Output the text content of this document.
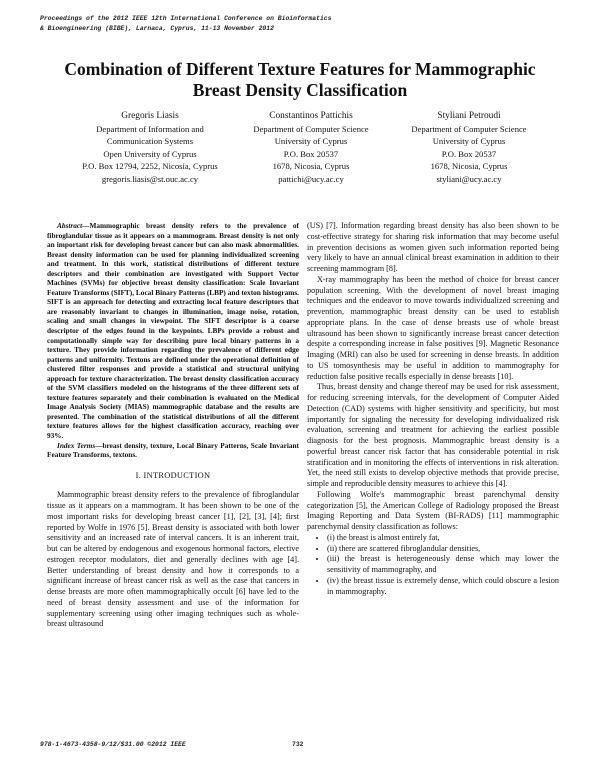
Proceedings of the 2012 IEEE 12th International Conference on Bioinformatics
& Bioengineering (BIBE), Larnaca, Cyprus, 11-13 November 2012
Combination of Different Texture Features for Mammographic Breast Density Classification
Gregoris Liasis
Department of Information and
Communication Systems
Open University of Cyprus
P.O. Box 12794, 2252, Nicosia, Cyprus
gregoris.liasis@st.ouc.ac.cy
Constantinos Pattichis
Department of Computer Science
University of Cyprus
P.O. Box 20537
1678, Nicosia, Cyprus
pattichi@ucy.ac.cy
Styliani Petroudi
Department of Computer Science
University of Cyprus
P.O. Box 20537
1678, Nicosia, Cyprus
styliani@ucy.ac.cy

Abstract—Mammographic breast density refers to the prevalence of fibroglandular tissue as it appears on a mammogram. Breast density is not only an important risk for developing breast cancer but can also mask abnormalities. Breast density information can be used for planning individualized screening and treatment. In this work, statistical distributions of different texture descriptors and their combination are investigated with Support Vector Machines (SVMs) for objective breast density classification: Scale Invariant Feature Transforms (SIFT), Local Binary Patterns (LBP) and texton histograms. SIFT is an approach for detecting and extracting local feature descriptors that are reasonably invariant to changes in illumination, image noise, rotation, scaling and small changes in viewpoint. The SIFT descriptor is a coarse descriptor of the edges found in the keypoints. LBPs provide a robust and computationally simple way for describing pure local binary patterns in a texture. They provide information regarding the prevalence of different edge patterns and uniformity. Textons are defined under the operational definition of clustered filter responses and provide a statistical and structural unifying approach for texture characterization. The breast density classification accuracy of the SVM classifiers modeled on the histograms of the three different sets of texture features separately and their combination is evaluated on the Medical Image Analysis Society (MIAS) mammographic database and the results are presented. The combination of the statistical distributions of all the different texture features allows for the highest classification accuracy, reaching over 93%.

Index Terms—breast density, texture, Local Binary Patterns, Scale Invariant Feature Transforms, textons.

I. INTRODUCTION

Mammographic breast density refers to the prevalence of fibroglandular tissue as it appears on a mammogram. It has been shown to be one of the most important risks for developing breast cancer [1], [2], [3], [4]; first reported by Wolfe in 1976 [5]. Breast density is associated with both lower sensitivity and an increased rate of interval cancers. It is an inherent trait, but can be altered by endogenous and exogenous hormonal factors, elective estrogen receptor modulators, diet and generally declines with age [4]. Better understanding of breast density and how it corresponds to a significant increase of breast cancer risk as well as the case that cancers in dense breasts are more often mammographically occult [6] have led to the need of breast density assessment and use of the information for supplementary screening using other imaging techniques such as whole-breast ultrasound

(US) [7]. Information regarding breast density has also been shown to be cost-effective strategy for sharing risk information that may become useful in prevention decisions as women given such information reported being very likely to have an annual clinical breast examination in addition to their screening mammogram [8].

X-ray mammography has been the method of choice for breast cancer population screening. With the development of novel breast imaging techniques and the endeavor to move towards individualized screening and prevention, mammographic breast density can be used to establish appropriate plans. In the case of dense breasts use of whole breast ultrasound has been shown to significantly increase breast cancer detection despite a corresponding increase in false positives [9]. Magnetic Resonance Imaging (MRI) can also be used for screening in dense breasts. In addition to US tomosynthesis may be useful in addition to mammography for reduction false positive recalls especially in dense breasts [10].

Thus, breast density and change thereof may be used for risk assessment, for reducing screening intervals, for the development of Computer Aided Detection (CAD) systems with higher sensitivity and specificity, but most importantly for signaling the necessity for developing individualized risk evaluation, screening and treatment for achieving the earliest possible diagnosis for the best prognosis. Mammographic breast density is a powerful breast cancer risk factor that has considerable potential in risk stratification and in monitoring the effects of interventions in risk alteration. Yet, the need still exists to develop objective methods that provide precise, simple and reproducible density measures to achieve this [4].

Following Wolfe's mammographic breast parenchymal density categorization [5], the American College of Radiology proposed the Breast Imaging Reporting and Data System (BI-RADS) [11] mammographic parenchymal density classification as follows:

• (i) the breast is almost entirely fat,
• (ii) there are scattered fibroglandular densities,
• (iii) the breast is heterogeneously dense which may lower the sensitivity of mammography, and
• (iv) the breast tissue is extremely dense, which could obscure a lesion in mammography.
978-1-4673-4358-9/12/$31.00 ©2012 IEEE	732
